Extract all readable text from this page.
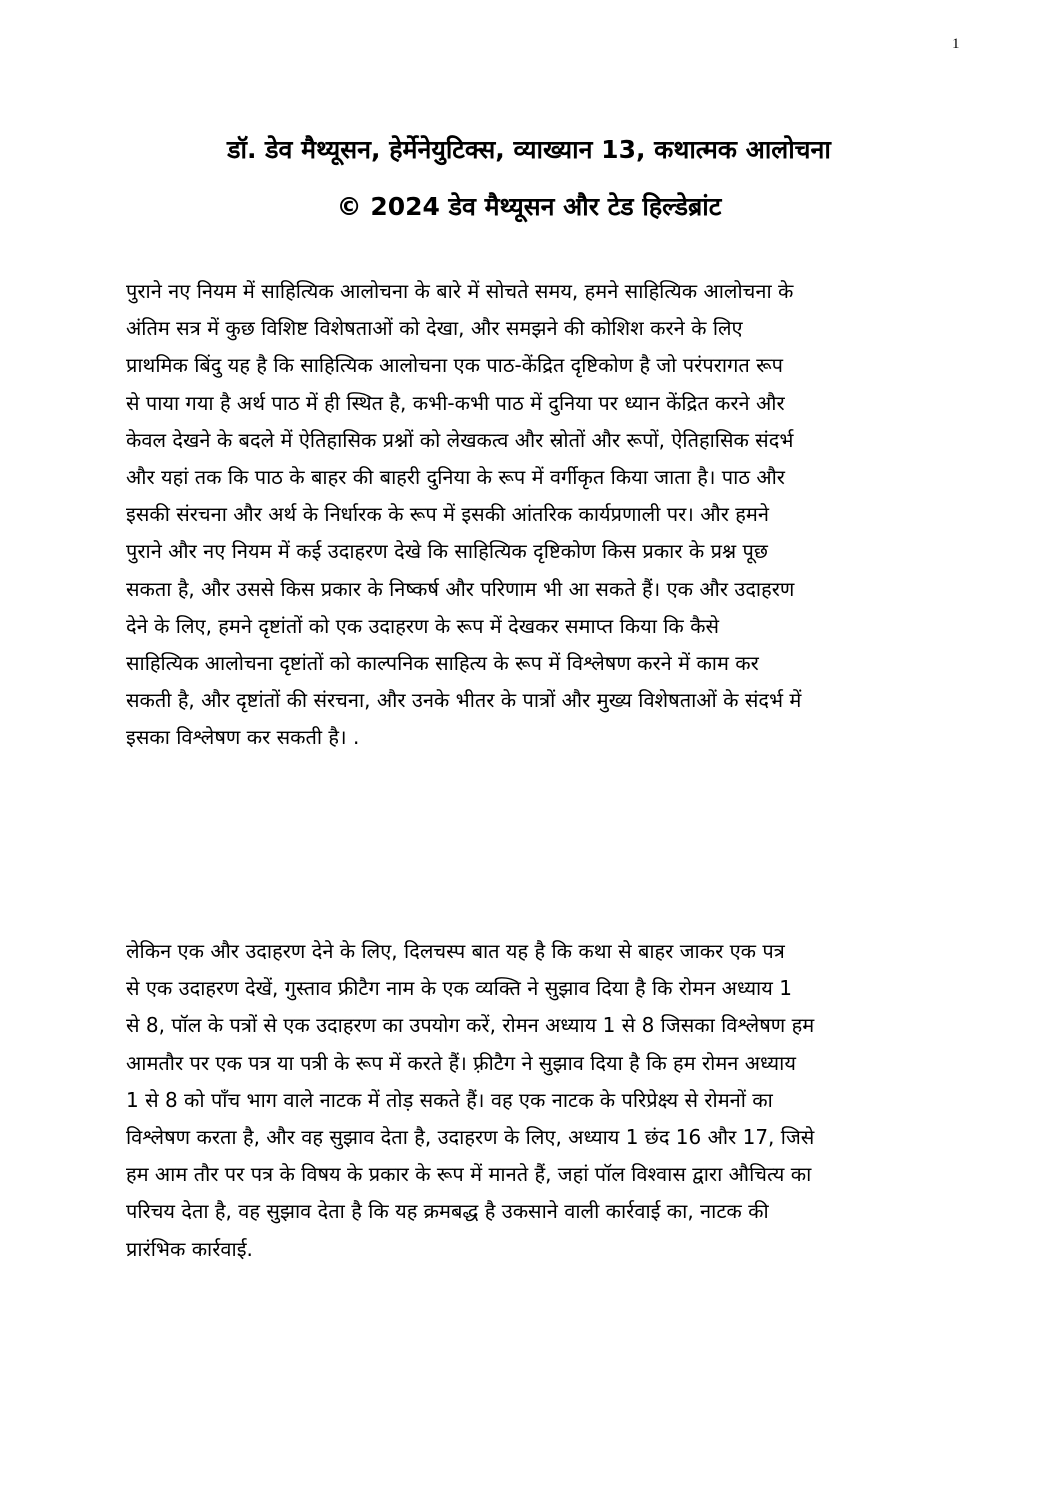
1
डॉ. डेव मैथ्यूसन, हेर्मेनेयुटिक्स, व्याख्यान 13, कथात्मक आलोचना
© 2024 डेव मैथ्यूसन और टेड हिल्डेब्रांट
पुराने नए नियम में साहित्यिक आलोचना के बारे में सोचते समय, हमने साहित्यिक आलोचना के
अंतिम सत्र में कुछ विशिष्ट विशेषताओं को देखा, और समझने की कोशिश करने के लिए
प्राथमिक बिंदु यह है कि साहित्यिक आलोचना एक पाठ-केंद्रित दृष्टिकोण है जो परंपरागत रूप
से पाया गया है अर्थ पाठ में ही स्थित है, कभी-कभी पाठ में दुनिया पर ध्यान केंद्रित करने और
केवल देखने के बदले में ऐतिहासिक प्रश्नों को लेखकत्व और स्रोतों और रूपों, ऐतिहासिक संदर्भ
और यहां तक कि पाठ के बाहर की बाहरी दुनिया के रूप में वर्गीकृत किया जाता है। पाठ और
इसकी संरचना और अर्थ के निर्धारक के रूप में इसकी आंतरिक कार्यप्रणाली पर। और हमने
पुराने और नए नियम में कई उदाहरण देखे कि साहित्यिक दृष्टिकोण किस प्रकार के प्रश्न पूछ
सकता है, और उससे किस प्रकार के निष्कर्ष और परिणाम भी आ सकते हैं। एक और उदाहरण
देने के लिए, हमने दृष्टांतों को एक उदाहरण के रूप में देखकर समाप्त किया कि कैसे
साहित्यिक आलोचना दृष्टांतों को काल्पनिक साहित्य के रूप में विश्लेषण करने में काम कर
सकती है, और दृष्टांतों की संरचना, और उनके भीतर के पात्रों और मुख्य विशेषताओं के संदर्भ में
इसका विश्लेषण कर सकती है। .
लेकिन एक और उदाहरण देने के लिए, दिलचस्प बात यह है कि कथा से बाहर जाकर एक पत्र
से एक उदाहरण देखें, गुस्ताव फ्रीटैग नाम के एक व्यक्ति ने सुझाव दिया है कि रोमन अध्याय 1
से 8, पॉल के पत्रों से एक उदाहरण का उपयोग करें, रोमन अध्याय 1 से 8 जिसका विश्लेषण हम
आमतौर पर एक पत्र या पत्री के रूप में करते हैं। फ़्रीटैग ने सुझाव दिया है कि हम रोमन अध्याय
1 से 8 को पाँच भाग वाले नाटक में तोड़ सकते हैं। वह एक नाटक के परिप्रेक्ष्य से रोमनों का
विश्लेषण करता है, और वह सुझाव देता है, उदाहरण के लिए, अध्याय 1 छंद 16 और 17, जिसे
हम आम तौर पर पत्र के विषय के प्रकार के रूप में मानते हैं, जहां पॉल विश्वास द्वारा औचित्य का
परिचय देता है, वह सुझाव देता है कि यह क्रमबद्ध है उकसाने वाली कार्रवाई का, नाटक की
प्रारंभिक कार्रवाई.
